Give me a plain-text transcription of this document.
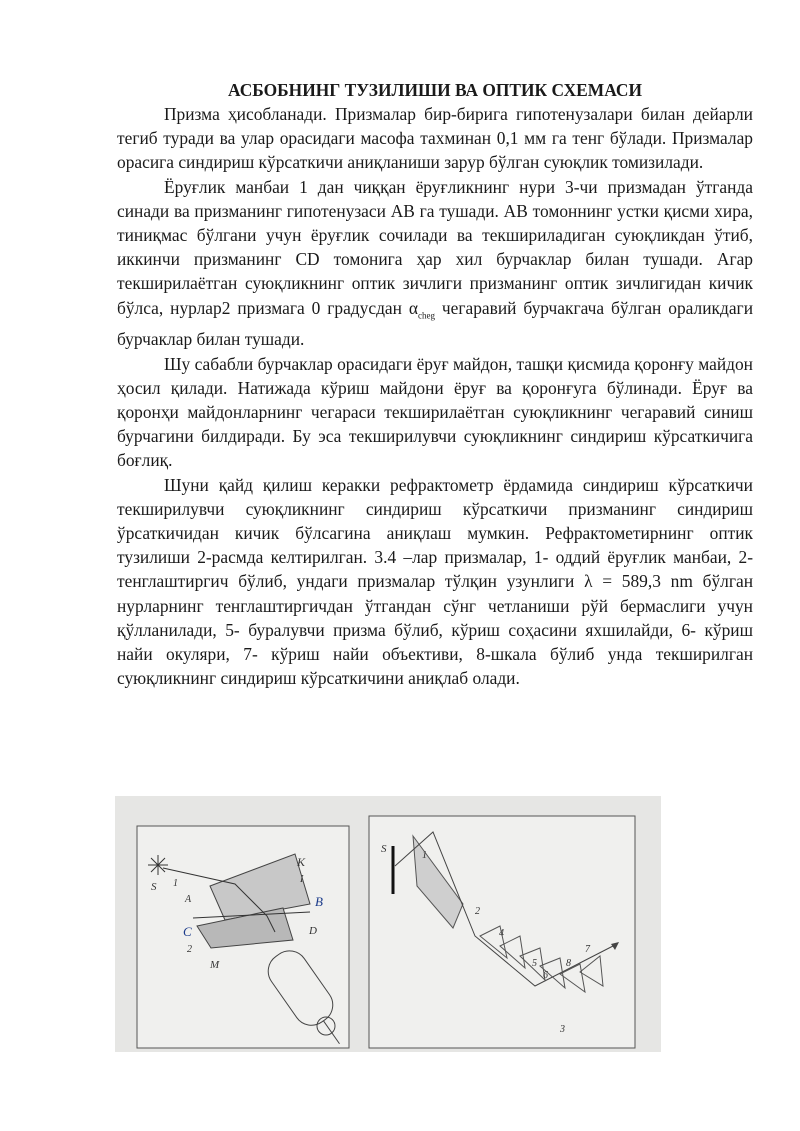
АСБОБНИНГ ТУЗИЛИШИ ВА ОПТИК СХЕМАСИ

Призма ҳисобланади. Призмалар бир-бирига гипотенузалари билан дейарли тегиб туради ва улар орасидаги масофа тахминан 0,1 мм га тенг бўлади. Призмалар орасига синдириш кўрсаткичи аниқланиши зарур бўлган суюқлик томизилади.

Ёруғлик манбаи 1 дан чиққан ёруғликнинг нури 3-чи призмадан ўтганда синади ва призманинг гипотенузаси АВ га тушади. АВ томоннинг устки қисми хира, тиниқмас бўлгани учун ёруғлик сочилади ва текшириладиган суюқликдан ўтиб, иккинчи призманинг CD томонига ҳар хил бурчаклар билан тушади. Агар текширилаётган суюқликнинг оптик зичлиги призманинг оптик зичлигидан кичик бўлса, нурлар2 призмага 0 градусдан $\alpha_{cheg}$ чегаравий бурчакгача бўлган ораликдаги бурчаклар билан тушади.

Шу сабабли бурчаклар орасидаги ёруғ майдон, ташқи қисмида қоронғу майдон ҳосил қилади. Натижада кўриш майдони ёруғ ва қоронғуга бўлинади. Ёруғ ва қоронҳи майдонларнинг чегараси текширилаётган суюқликнинг чегаравий синиш бурчагини билдиради. Бу эса текширилувчи суюқликнинг синдириш кўрсаткичига боғлиқ.

Шуни қайд қилиш керакки рефрактометр ёрдамида синдириш кўрсаткичи текширилувчи суюқликнинг синдириш кўрсаткичи призманинг синдириш ўрсаткичидан кичик бўлсагина аниқлаш мумкин. Рефрактометирнинг оптик тузилиши 2-расмда келтирилган. 3.4 –лар призмалар, 1- оддий ёруғлик манбаи, 2-тенглаштиргич бўлиб, ундаги призмалар тўлқин узунлиги λ = 589,3 nm бўлган нурларнинг тенглаштиргичдан ўтгандан сўнг четланиши рўй бермаслиги учун қўлланилади, 5- буралувчи призма бўлиб, кўриш соҳасини яхшилайди, 6- кўриш найи окуляри, 7- кўриш найи объективи, 8-шкала бўлиб унда текширилган суюқликнинг синдириш кўрсаткичини аниқлаб олади.

S 1
A
K
I
B
C
2
D
M
S
1
2
4
5
6
8
7
3
